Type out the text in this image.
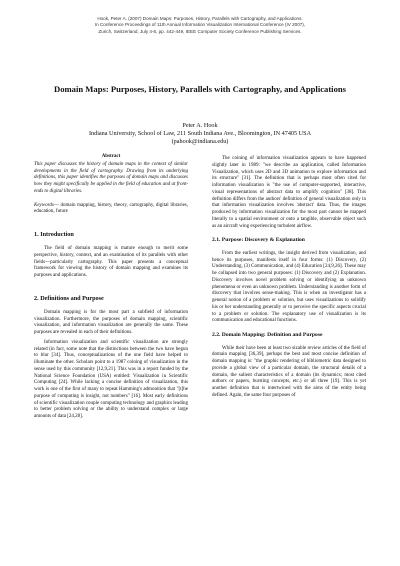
Hook, Peter A. (2007) Domain Maps: Purposes, History, Parallels with Cartography, and Applications.
In Conference Proceedings of 11th Annual Information Visualization International Conference (IV 2007),
Zurich, Switzerland, July 4-6, pp. 442-449, IEEE Computer Society Conference Publishing Services.
Domain Maps: Purposes, History, Parallels with Cartography, and Applications
Peter A. Hook
Indiana University, School of Law, 211 South Indiana Ave., Bloomington, IN 47405 USA
(pahook@indiana.edu)
Abstract

This paper discusses the history of domain maps in the context of similar developments in the field of cartography. Drawing from its underlying definitions, this paper identifies the purposes of domain maps and discusses how they might specifically be applied in the field of education and at front-ends to digital libraries.

Keywords— domain mapping, history, theory, cartography, digital libraries, education, future

1. Introduction

The field of domain mapping is mature enough to merit some perspective, history, context, and an examination of its parallels with other fields—particularly cartography. This paper presents a conceptual framework for viewing the history of domain mapping and examines its purposes and applications.

2. Definitions and Purpose

Domain mapping is for the most part a subfield of information visualization. Furthermore, the purposes of domain mapping, scientific visualization, and information visualization are generally the same. These purposes are revealed in each of their definitions.

Information visualization and scientific visualization are strongly related (in fact, some note that the distinctions between the two have begun to blur [34]. Thus, conceptualizations of the one field have helped to illuminate the other. Scholars point to a 1987 coining of visualization in the sense used by this community [12,9,21]. This was in a report funded by the National Science Foundation (USA) entitled: Visualization in Scientific Computing [24]. While lacking a concise definition of visualization, this work is one of the first of many to repeat Hamming's admonition that "[t]he purpose of computing is insight, not numbers" [16]. Most early definitions of scientific visualization couple computing technology and graphics leading to better problem solving or the ability to understand complex or large amounts of data [24,28].

The coining of information visualization appears to have happened slightly later in 1989: "we describe an application, called Information Visualization, which uses 2D and 3D animation to explore information and its structure" [31]. The definition that is perhaps most often cited for information visualization is "the use of computer-supported, interactive, visual representations of abstract data to amplify cognition" [38]. This definition differs from the authors' definition of general visualization only in that information visualization involves 'abstract' data. Thus, the images produced by information visualization for the most part cannot be mapped literally to a spatial environment or onto a tangible, observable object such as an aircraft wing experiencing turbulent airflow.

2.1. Purpose: Discovery & Explanation

From the earliest writings, the insight derived from visualization, and hence its purposes, manifests itself in four forms: (1) Discovery, (2) Understanding, (3) Communication, and (4) Education [24,9,26]. These may be collapsed into two general purposes: (1) Discovery and (2) Explanation. Discovery involves novel problem solving or identifying an unknown phenomena or even an unknown problem. Understanding is another form of discovery that involves sense-making. This is when an investigator has a general notion of a problem or solution, but uses visualizations to solidify his or her understanding generally or to perceive the specific aspects crucial to a problem or solution. The explanatory use of visualization is its communication and educational functions.

2.2. Domain Mapping: Definition and Purpose

While their have been at least two sizable review articles of the field of domain mapping [36,39], perhaps the best and most concise definition of domain mapping is: "the graphic rendering of bibliometric data designed to provide a global view of a particular domain, the structural details of a domain, the salient characteristics of a domain (its dynamics; most cited authors or papers, bursting concepts, etc.) or all three [19]. This is yet another definition that is intertwined with the aims of the entity being defined. Again, the same four purposes of
